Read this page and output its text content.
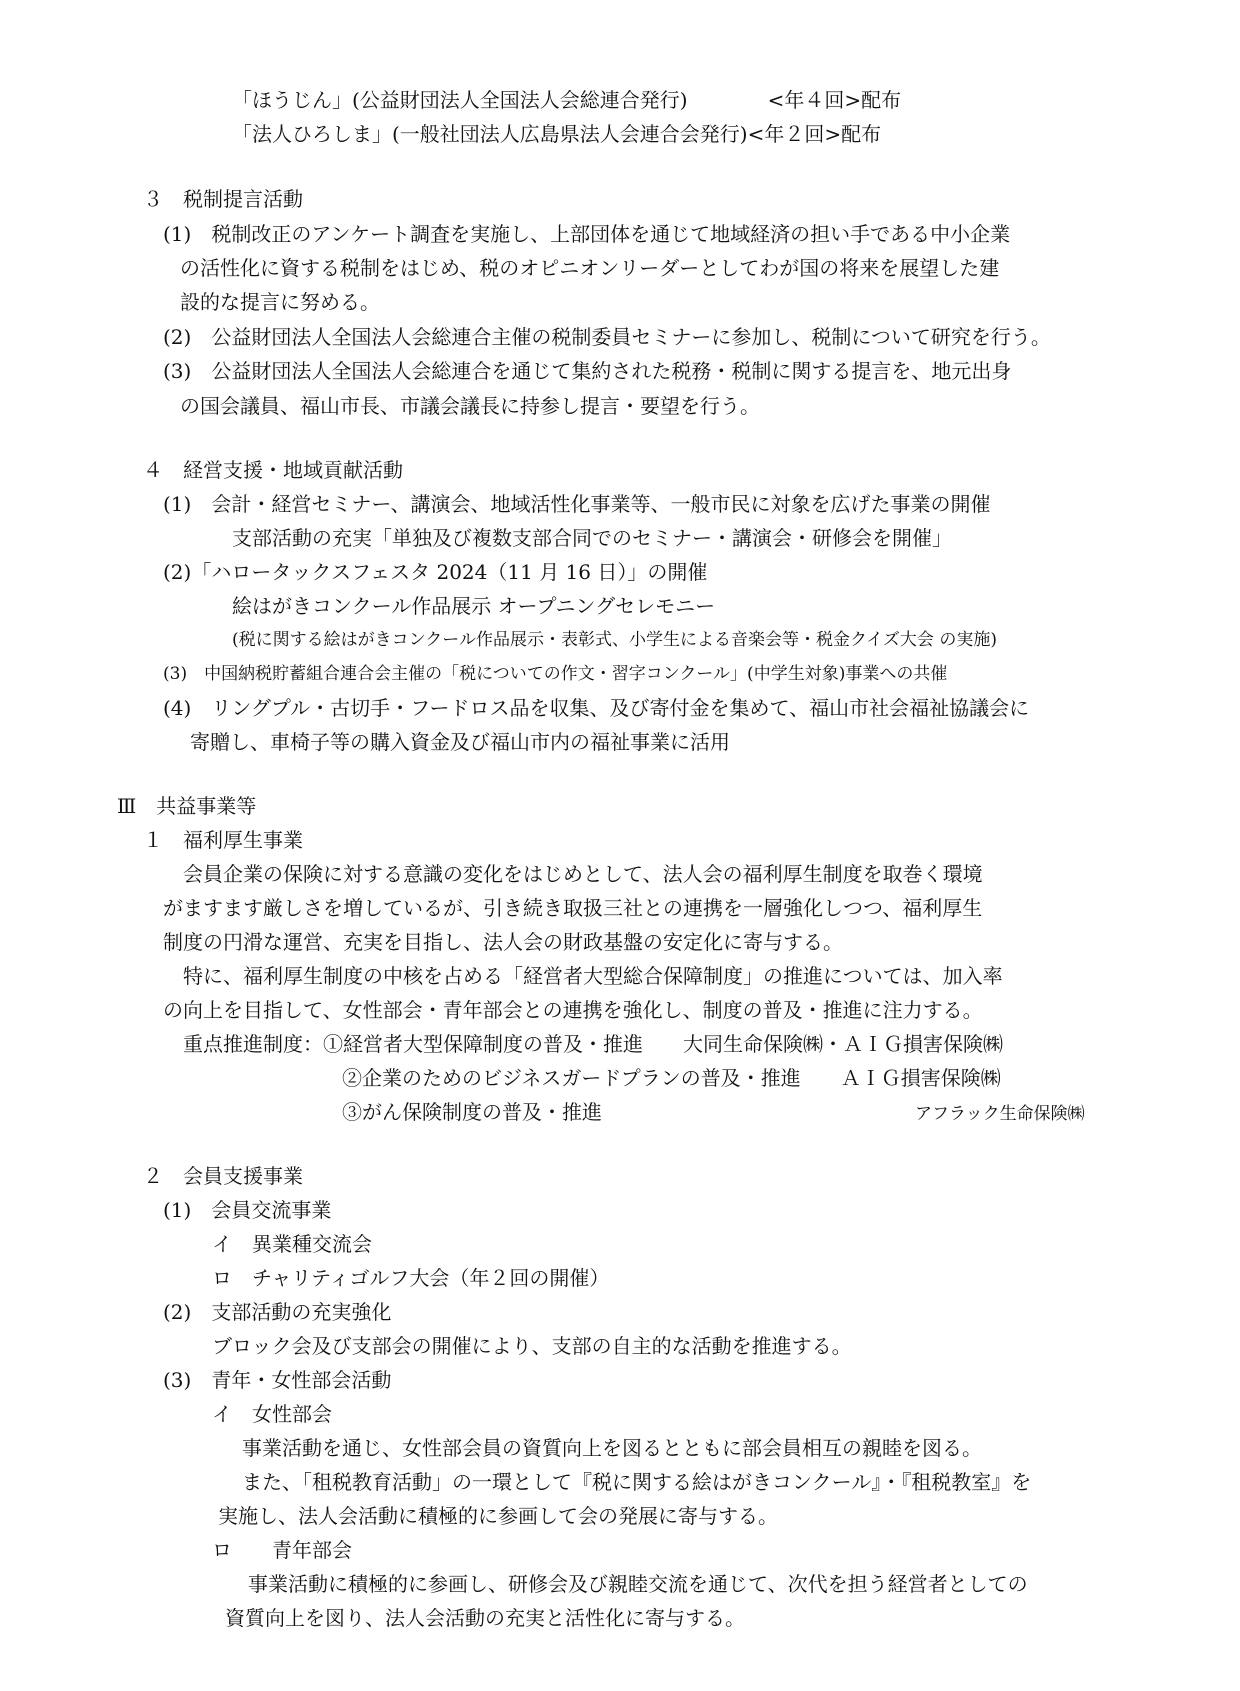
「ほうじん」(公益財団法人全国法人会総連合発行)　　　　<年４回>配布
「法人ひろしま」(一般社団法人広島県法人会連合会発行)<年２回>配布
３　税制提言活動
(1)　税制改正のアンケート調査を実施し、上部団体を通じて地域経済の担い手である中小企業
の活性化に資する税制をはじめ、税のオピニオンリーダーとしてわが国の将来を展望した建
設的な提言に努める。
(2)　公益財団法人全国法人会総連合主催の税制委員セミナーに参加し、税制について研究を行う。
(3)　公益財団法人全国法人会総連合を通じて集約された税務・税制に関する提言を、地元出身
の国会議員、福山市長、市議会議長に持参し提言・要望を行う。
４　経営支援・地域貢献活動
(1)　会計・経営セミナー、講演会、地域活性化事業等、一般市民に対象を広げた事業の開催
支部活動の充実「単独及び複数支部合同でのセミナー・講演会・研修会を開催」
(2)「ハロータックスフェスタ 2024（11 月 16 日）」の開催
絵はがきコンクール作品展示 オープニングセレモニー
(税に関する絵はがきコンクール作品展示・表彰式、小学生による音楽会等・税金クイズ大会 の実施)
(3)　中国納税貯蓄組合連合会主催の「税についての作文・習字コンクール」(中学生対象)事業への共催
(4)　リングプル・古切手・フードロス品を収集、及び寄付金を集めて、福山市社会福祉協議会に
寄贈し、車椅子等の購入資金及び福山市内の福祉事業に活用
Ⅲ　共益事業等
１　福利厚生事業
会員企業の保険に対する意識の変化をはじめとして、法人会の福利厚生制度を取巻く環境
がますます厳しさを増しているが、引き続き取扱三社との連携を一層強化しつつ、福利厚生
制度の円滑な運営、充実を目指し、法人会の財政基盤の安定化に寄与する。
特に、福利厚生制度の中核を占める「経営者大型総合保障制度」の推進については、加入率
の向上を目指して、女性部会・青年部会との連携を強化し、制度の普及・推進に注力する。
重点推進制度：①経営者大型保障制度の普及・推進　　大同生命保険㈱・ＡＩＧ損害保険㈱
②企業のためのビジネスガードプランの普及・推進　　ＡＩＧ損害保険㈱
③がん保険制度の普及・推進	アフラック生命保険㈱
２　会員支援事業
(1)　会員交流事業
イ　異業種交流会
ロ　チャリティゴルフ大会（年２回の開催）
(2)　支部活動の充実強化
ブロック会及び支部会の開催により、支部の自主的な活動を推進する。
(3)　青年・女性部会活動
イ　女性部会
事業活動を通じ、女性部会員の資質向上を図るとともに部会員相互の親睦を図る。
また、「租税教育活動」の一環として『税に関する絵はがきコンクール』・『租税教室』を
実施し、法人会活動に積極的に参画して会の発展に寄与する。
ロ　　青年部会
事業活動に積極的に参画し、研修会及び親睦交流を通じて、次代を担う経営者としての
資質向上を図り、法人会活動の充実と活性化に寄与する。
